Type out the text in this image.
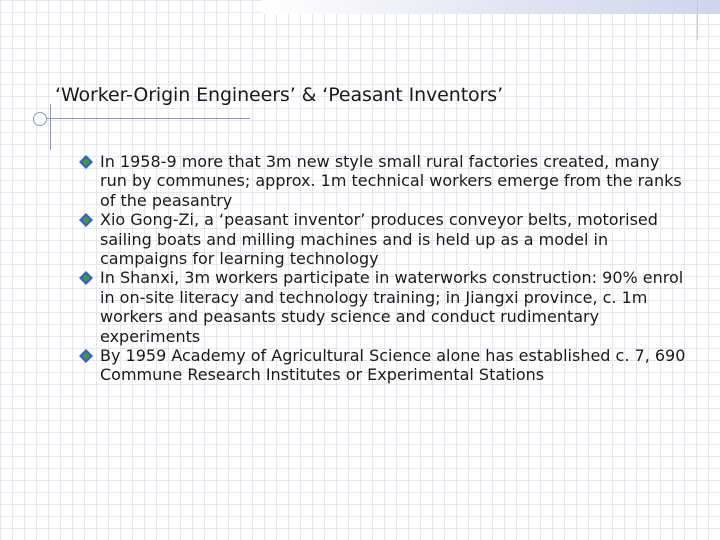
‘Worker-Origin Engineers’ & ‘Peasant Inventors’
In 1958-9 more that 3m new style small rural factories created, many run by communes; approx. 1m technical workers emerge from the ranks of the peasantry
Xio Gong-Zi, a ‘peasant inventor’ produces conveyor belts, motorised sailing boats and milling machines and is held up as a model in campaigns for learning technology
In Shanxi, 3m workers participate in waterworks construction: 90% enrol in on-site literacy and technology training; in Jiangxi province, c. 1m workers and peasants study science and conduct rudimentary experiments
By 1959 Academy of Agricultural Science alone has established c. 7, 690 Commune Research Institutes or Experimental Stations
